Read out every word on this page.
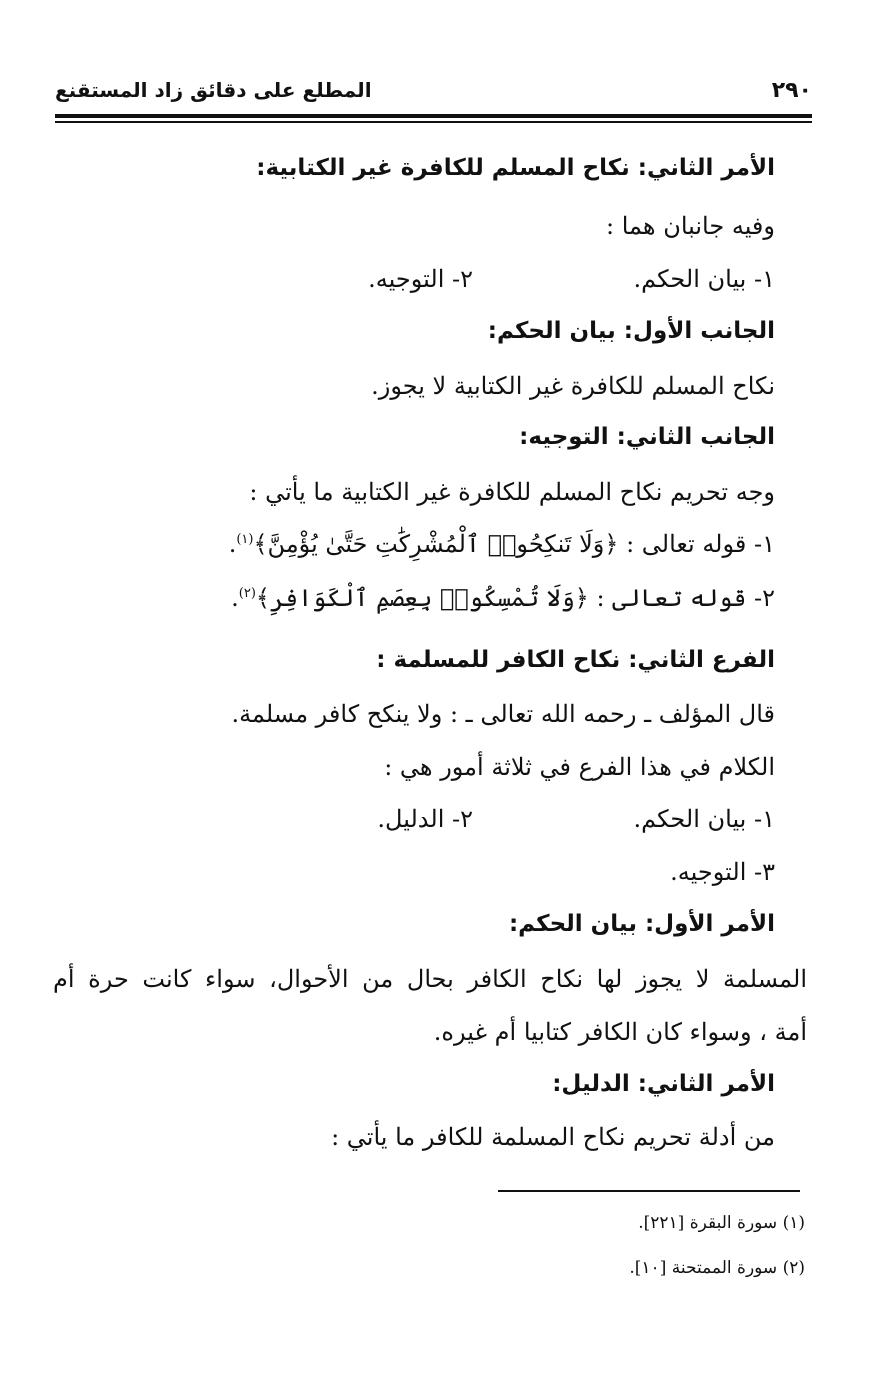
٢٩٠
المطلع على دقائق زاد المستقنع
الأمر الثاني: نكاح المسلم للكافرة غير الكتابية:
وفيه جانبان هما :
١- بيان الحكم.
٢- التوجيه.
الجانب الأول: بيان الحكم:
نكاح المسلم للكافرة غير الكتابية لا يجوز.
الجانب الثاني: التوجيه:
وجه تحريم نكاح المسلم للكافرة غير الكتابية ما يأتي :
١- قوله تعالى : ﴿وَلَا تَنكِحُوا۟ ٱلْمُشْرِكَٰتِ حَتَّىٰ يُؤْمِنَّ﴾$^{(١)}$.
٢- قوله تعالى : ﴿وَلَا تُمْسِكُوا۟ بِعِصَمِ ٱلْكَوَافِرِ﴾$^{(٢)}$.
الفرع الثاني: نكاح الكافر للمسلمة :
قال المؤلف ـ رحمه الله تعالى ـ : ولا ينكح كافر مسلمة.
الكلام في هذا الفرع في ثلاثة أمور هي :
١- بيان الحكم.
٢- الدليل.
٣- التوجيه.
الأمر الأول: بيان الحكم:
المسلمة لا يجوز لها نكاح الكافر بحال من الأحوال، سواء كانت حرة أم
أمة ، وسواء كان الكافر كتابيا أم غيره.
الأمر الثاني: الدليل:
من أدلة تحريم نكاح المسلمة للكافر ما يأتي :
(١) سورة البقرة [٢٢١].
(٢) سورة الممتحنة [١٠].
